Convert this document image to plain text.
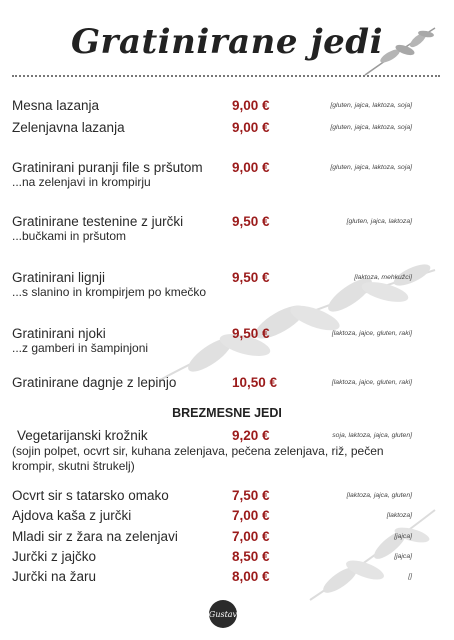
Gratinirane jedi
Mesna lazanja	9,00 €	[gluten, jajca, laktoza, soja]
Zelenjavna lazanja	9,00 €	[gluten, jajca, laktoza, soja]
Gratinirani puranji file s pršutom 9,00 €	[gluten, jajca, laktoza, soja]
...na zelenjavi in krompirju
Gratinirane testenine z jurčki	9,50 €	[gluten, jajca, laktoza]
...bučkami in pršutom
Gratinirani lignji	9,50 €	[laktoza, mehkužci]
...s slanino in krompirjem po kmečko
Gratinirani njoki	9,50 €	[laktoza, jajce, gluten, raki]
...z gamberi in šampinjoni
Gratinirane dagnje z lepinjo	10,50 €	[laktoza, jajce, gluten, raki]
BREZMESNE JEDI
Vegetarijanski krožnik	9,20 €	soja, laktoza, jajca, gluten]
(sojin polpet, ocvrt sir, kuhana zelenjava, pečena zelenjava, riž, pečen krompir, skutni štrukelj)
Ocvrt sir s tatarsko omako	7,50 €	[laktoza, jajca, gluten]
Ajdova kaša z jurčki	7,00 €	[laktoza]
Mladi sir z žara na zelenjavi	7,00 €	[jajca]
Jurčki z jajčko	8,50 €	[jajca]
Jurčki na žaru	8,00 €	[]
Gustav
